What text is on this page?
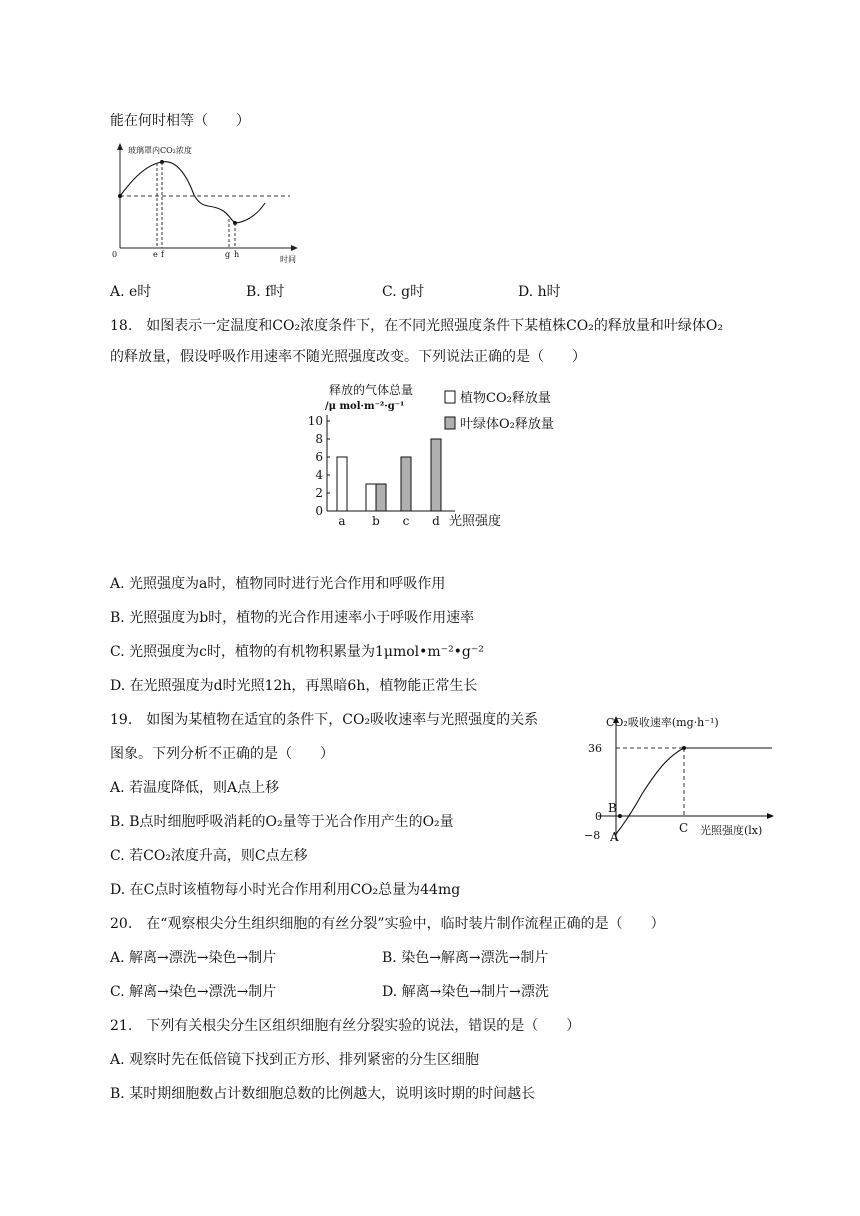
能在何时相等（　　）
玻璃罩内CO₂浓度
0
时间
e f	g h
A. e时	B. f时	C. g时	D. h时
18.　如图表示一定温度和CO₂浓度条件下，在不同光照强度条件下某植株CO₂的释放量和叶绿体O₂
的释放量，假设呼吸作用速率不随光照强度改变。下列说法正确的是（　　）
释放的气体总量
/μ mol·m⁻²·g⁻¹
0
2
4
6
8
10
a b c d 光照强度
植物CO₂释放量
叶绿体O₂释放量
A. 光照强度为a时，植物同时进行光合作用和呼吸作用
B. 光照强度为b时，植物的光合作用速率小于呼吸作用速率
C. 光照强度为c时，植物的有机物积累量为1μmol•m⁻²•g⁻²
D. 在光照强度为d时光照12h，再黑暗6h，植物能正常生长
19.　如图为某植物在适宜的条件下，CO₂吸收速率与光照强度的关系
图象。下列分析不正确的是（　　）
A. 若温度降低，则A点上移
B. B点时细胞呼吸消耗的O₂量等于光合作用产生的O₂量
C. 若CO₂浓度升高，则C点左移
D. 在C点时该植物每小时光合作用利用CO₂总量为44mg
CO₂吸收速率(mg·h⁻¹)
光照强度(lx)
36
0
−8
B
A
C
20.　在“观察根尖分生组织细胞的有丝分裂”实验中，临时装片制作流程正确的是（　　）
A. 解离→漂洗→染色→制片	B. 染色→解离→漂洗→制片
C. 解离→染色→漂洗→制片	D. 解离→染色→制片→漂洗
21.　下列有关根尖分生区组织细胞有丝分裂实验的说法，错误的是（　　）
A. 观察时先在低倍镜下找到正方形、排列紧密的分生区细胞
B. 某时期细胞数占计数细胞总数的比例越大，说明该时期的时间越长
